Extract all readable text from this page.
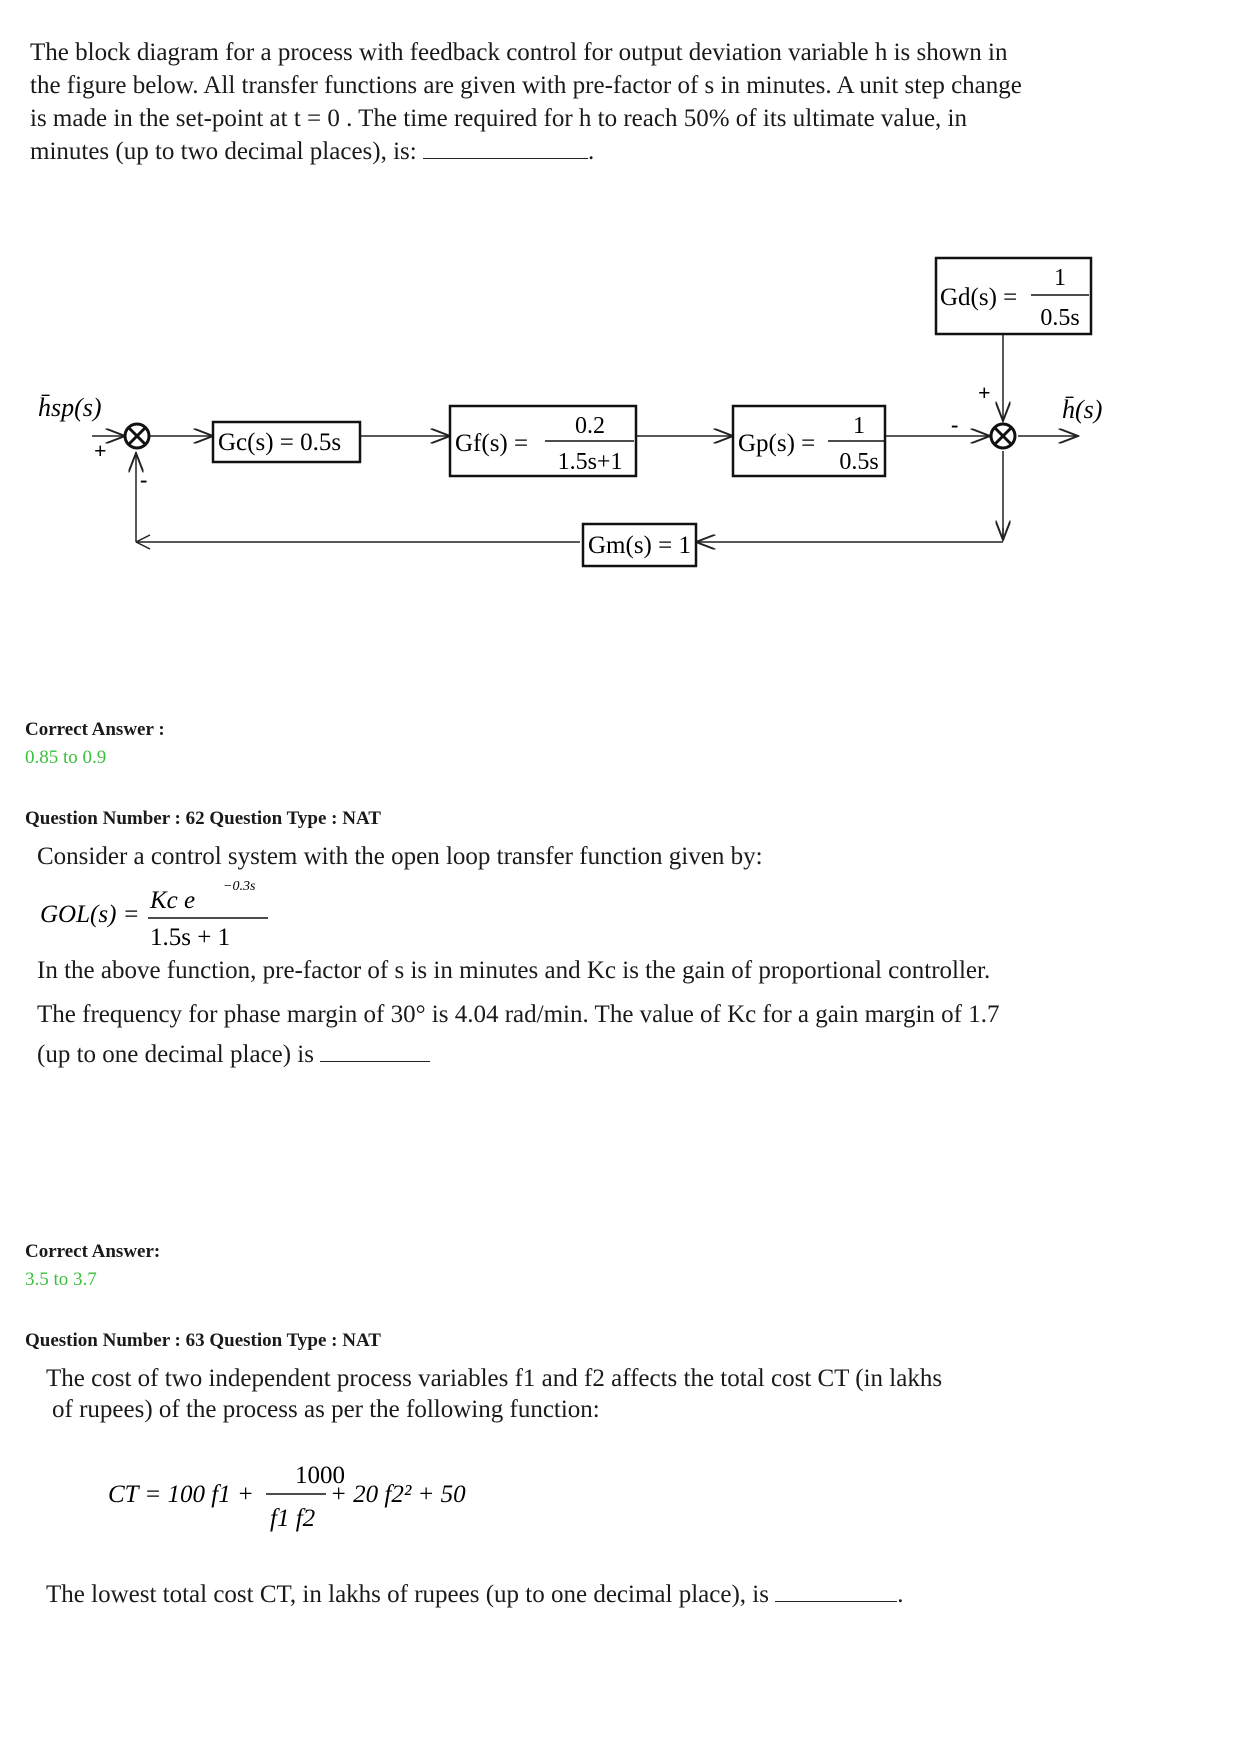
The block diagram for a process with feedback control for output deviation variable h is shown in
the figure below. All transfer functions are given with pre-factor of s in minutes. A unit step change
is made in the set-point at t = 0 . The time required for h to reach 50% of its ultimate value, in
minutes (up to two decimal places), is:	.
+
-
+
-
h̄sp(s)	h̄(s)
Gc(s) = 0.5s	Gf(s) =
0.2
1.5s+1
Gp(s) =
1
0.5s
Gd(s) =
1
0.5s
Gm(s) = 1
Correct Answer :
0.85 to 0.9
Question Number : 62 Question Type : NAT
Consider a control system with the open loop transfer function given by:
GOL(s) =
Kc e
−0.3s
1.5s + 1
In the above function, pre-factor of s is in minutes and Kc is the gain of proportional controller.
The frequency for phase margin of 30° is 4.04 rad/min. The value of Kc for a gain margin of 1.7
(up to one decimal place) is
Correct Answer:
3.5 to 3.7
Question Number : 63 Question Type : NAT
The cost of two independent process variables f1 and f2 affects the total cost CT (in lakhs
of rupees) of the process as per the following function:
CT = 100 f1 +
1000
f1 f2
+ 20 f2² + 50
The lowest total cost CT, in lakhs of rupees (up to one decimal place), is	.
